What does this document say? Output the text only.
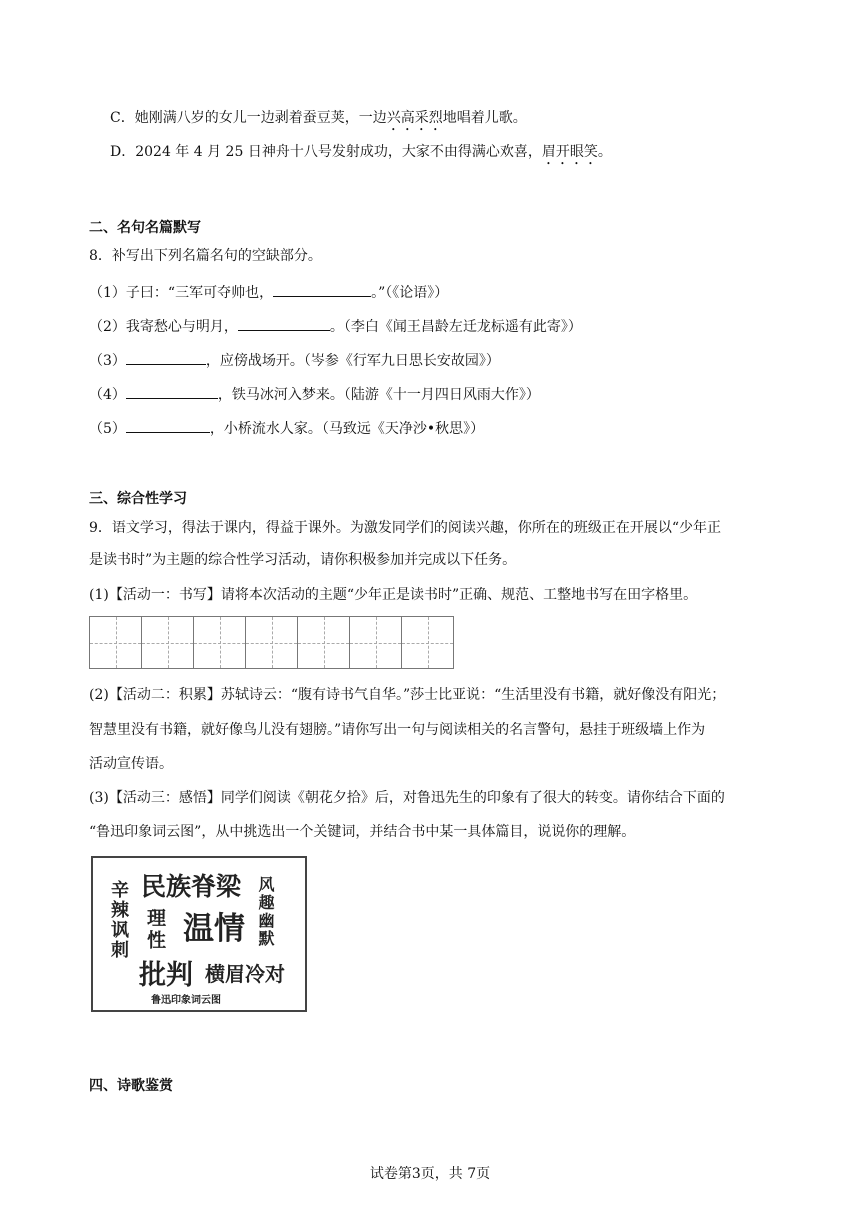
C．她刚满八岁的女儿一边剥着蚕豆荚，一边兴高采烈地唱着儿歌。
D．2024 年 4 月 25 日神舟十八号发射成功，大家不由得满心欢喜，眉开眼笑。
二、名句名篇默写
8．补写出下列名篇名句的空缺部分。
（1）子曰：“三军可夺帅也，	。”（《论语》）
（2）我寄愁心与明月，	。（李白《闻王昌龄左迁龙标遥有此寄》）
（3）	，应傍战场开。（岑参《行军九日思长安故园》）
（4）	，铁马冰河入梦来。（陆游《十一月四日风雨大作》）
（5）	，小桥流水人家。（马致远《天净沙•秋思》）
三、综合性学习
9．语文学习，得法于课内，得益于课外。为激发同学们的阅读兴趣，你所在的班级正在开展以“少年正
是读书时”为主题的综合性学习活动，请你积极参加并完成以下任务。
(1)【活动一：书写】请将本次活动的主题“少年正是读书时”正确、规范、工整地书写在田字格里。
(2)【活动二：积累】苏轼诗云：“腹有诗书气自华。”莎士比亚说：“生活里没有书籍，就好像没有阳光；
智慧里没有书籍，就好像鸟儿没有翅膀。”请你写出一句与阅读相关的名言警句，悬挂于班级墙上作为
活动宣传语。
(3)【活动三：感悟】同学们阅读《朝花夕拾》后，对鲁迅先生的印象有了很大的转变。请你结合下面的
“鲁迅印象词云图”，从中挑选出一个关键词，并结合书中某一具体篇目，说说你的理解。
辛辣讽刺 民族脊梁 风趣幽默
理性 温情
批判 横眉冷对
鲁迅印象词云图
四、诗歌鉴赏
试卷第3页，共 7页
